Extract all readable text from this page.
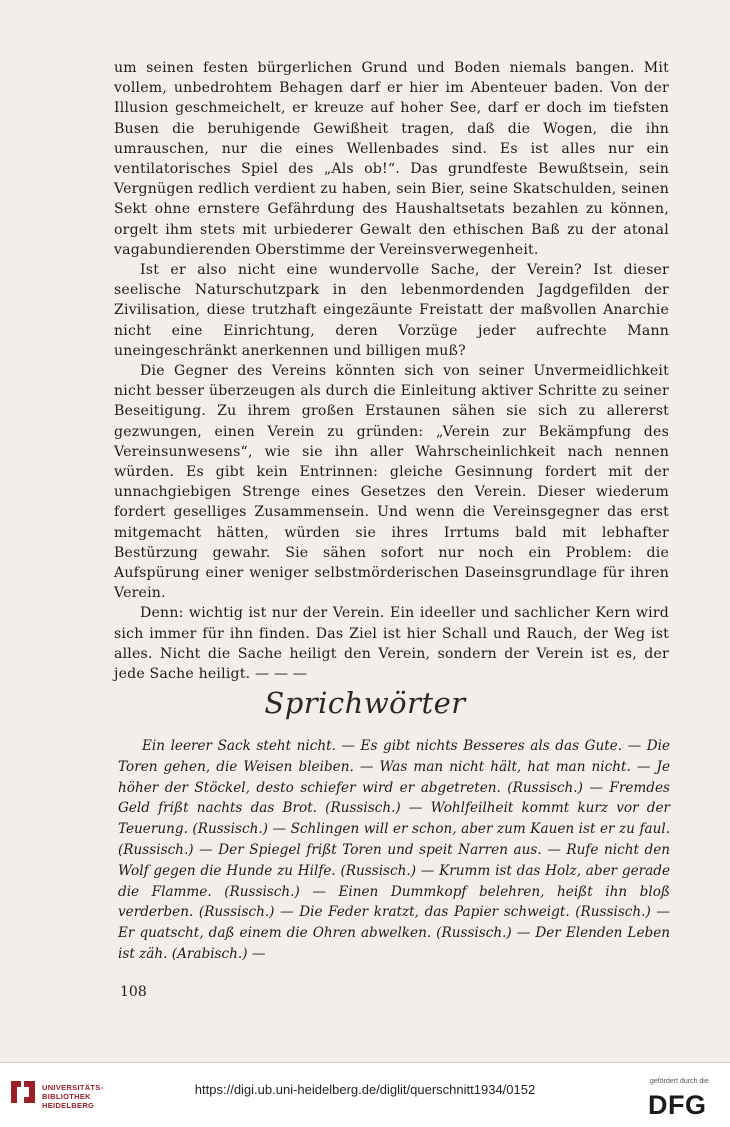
um seinen festen bürgerlichen Grund und Boden niemals bangen. Mit vollem, unbedrohtem Behagen darf er hier im Abenteuer baden. Von der Illusion geschmeichelt, er kreuze auf hoher See, darf er doch im tiefsten Busen die beruhigende Gewißheit tragen, daß die Wogen, die ihn umrauschen, nur die eines Wellenbades sind. Es ist alles nur ein ventilatorisches Spiel des „Als ob!“. Das grundfeste Bewußtsein, sein Vergnügen redlich verdient zu haben, sein Bier, seine Skatschulden, seinen Sekt ohne ernstere Gefährdung des Haushaltsetats bezahlen zu können, orgelt ihm stets mit urbiederer Gewalt den ethischen Baß zu der atonal vagabundierenden Oberstimme der Vereinsverwegenheit.

Ist er also nicht eine wundervolle Sache, der Verein? Ist dieser seelische Naturschutzpark in den lebenmordenden Jagdgefilden der Zivilisation, diese trutzhaft eingezäunte Freistatt der maßvollen Anarchie nicht eine Einrichtung, deren Vorzüge jeder aufrechte Mann uneingeschränkt anerkennen und billigen muß?

Die Gegner des Vereins könnten sich von seiner Unvermeidlichkeit nicht besser überzeugen als durch die Einleitung aktiver Schritte zu seiner Beseitigung. Zu ihrem großen Erstaunen sähen sie sich zu allererst gezwungen, einen Verein zu gründen: „Verein zur Bekämpfung des Vereinsunwesens“, wie sie ihn aller Wahrscheinlichkeit nach nennen würden. Es gibt kein Entrinnen: gleiche Gesinnung fordert mit der unnachgiebigen Strenge eines Gesetzes den Verein. Dieser wiederum fordert geselliges Zusammensein. Und wenn die Vereinsgegner das erst mitgemacht hätten, würden sie ihres Irrtums bald mit lebhafter Bestürzung gewahr. Sie sähen sofort nur noch ein Problem: die Aufspürung einer weniger selbstmörderischen Daseinsgrundlage für ihren Verein.

Denn: wichtig ist nur der Verein. Ein ideeller und sachlicher Kern wird sich immer für ihn finden. Das Ziel ist hier Schall und Rauch, der Weg ist alles. Nicht die Sache heiligt den Verein, sondern der Verein ist es, der jede Sache heiligt. — — —

Sprichwörter
Ein leerer Sack steht nicht. — Es gibt nichts Besseres als das Gute. — Die Toren gehen, die Weisen bleiben. — Was man nicht hält, hat man nicht. — Je höher der Stöckel, desto schiefer wird er abgetreten. (Russisch.) — Fremdes Geld frißt nachts das Brot. (Russisch.) — Wohlfeilheit kommt kurz vor der Teuerung. (Russisch.) — Schlingen will er schon, aber zum Kauen ist er zu faul. (Russisch.) — Der Spiegel frißt Toren und speit Narren aus. — Rufe nicht den Wolf gegen die Hunde zu Hilfe. (Russisch.) — Krumm ist das Holz, aber gerade die Flamme. (Russisch.) — Einen Dummkopf belehren, heißt ihn bloß verderben. (Russisch.) — Die Feder kratzt, das Papier schweigt. (Russisch.) — Er quatscht, daß einem die Ohren abwelken. (Russisch.) — Der Elenden Leben ist zäh. (Arabisch.) —
108
UNIVERSITÄTS-
BIBLIOTHEK
HEIDELBERG
https://digi.ub.uni-heidelberg.de/diglit/querschnitt1934/0152
gefördert durch die
DFG
